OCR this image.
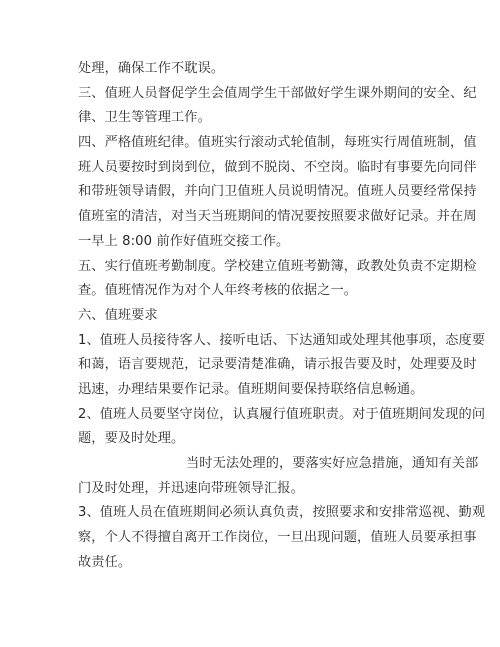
处理，确保工作不耽误。
三、值班人员督促学生会值周学生干部做好学生课外期间的安全、纪
律、卫生等管理工作。
四、严格值班纪律。值班实行滚动式轮值制，每班实行周值班制，值
班人员要按时到岗到位，做到不脱岗、不空岗。临时有事要先向同伴
和带班领导请假，并向门卫值班人员说明情况。值班人员要经常保持
值班室的清洁，对当天当班期间的情况要按照要求做好记录。并在周
一早上 8:00 前作好值班交接工作。
五、实行值班考勤制度。学校建立值班考勤簿，政教处负责不定期检
查。值班情况作为对个人年终考核的依据之一。
六、值班要求
1、值班人员接待客人、接听电话、下达通知或处理其他事项，态度要
和蔼，语言要规范，记录要清楚准确，请示报告要及时，处理要及时
迅速，办理结果要作记录。值班期间要保持联络信息畅通。
2、值班人员要坚守岗位，认真履行值班职责。对于值班期间发现的问
题，要及时处理。
当时无法处理的，要落实好应急措施，通知有关部
门及时处理，并迅速向带班领导汇报。
3、值班人员在值班期间必须认真负责，按照要求和安排常巡视、勤观
察，个人不得擅自离开工作岗位，一旦出现问题，值班人员要承担事
故责任。
